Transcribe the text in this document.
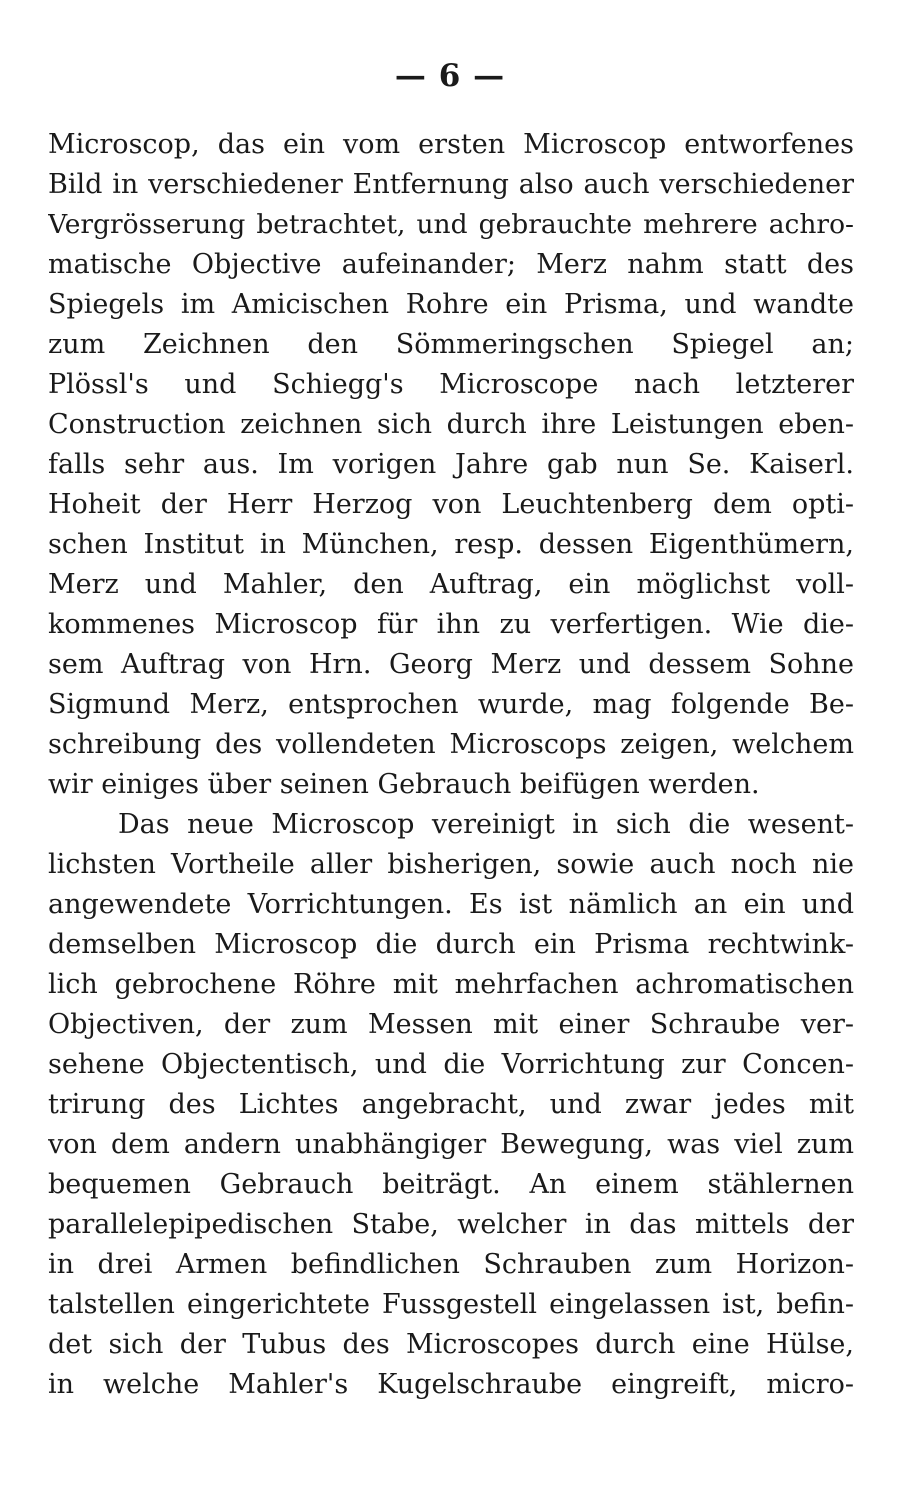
— 6 —
Microscop, das ein vom ersten Microscop entworfenes
Bild in verschiedener Entfernung also auch verschiedener
Vergrösserung betrachtet, und gebrauchte mehrere achro-
matische Objective aufeinander; Merz nahm statt des
Spiegels im Amicischen Rohre ein Prisma, und wandte
zum Zeichnen den Sömmeringschen Spiegel an;
Plössl's und Schiegg's Microscope nach letzterer
Construction zeichnen sich durch ihre Leistungen eben-
falls sehr aus. Im vorigen Jahre gab nun Se. Kaiserl.
Hoheit der Herr Herzog von Leuchtenberg dem opti-
schen Institut in München, resp. dessen Eigenthümern,
Merz und Mahler, den Auftrag, ein möglichst voll-
kommenes Microscop für ihn zu verfertigen. Wie die-
sem Auftrag von Hrn. Georg Merz und dessem Sohne
Sigmund Merz, entsprochen wurde, mag folgende Be-
schreibung des vollendeten Microscops zeigen, welchem
wir einiges über seinen Gebrauch beifügen werden.
Das neue Microscop vereinigt in sich die wesent-
lichsten Vortheile aller bisherigen, sowie auch noch nie
angewendete Vorrichtungen. Es ist nämlich an ein und
demselben Microscop die durch ein Prisma rechtwink-
lich gebrochene Röhre mit mehrfachen achromatischen
Objectiven, der zum Messen mit einer Schraube ver-
sehene Objectentisch, und die Vorrichtung zur Concen-
trirung des Lichtes angebracht, und zwar jedes mit
von dem andern unabhängiger Bewegung, was viel zum
bequemen Gebrauch beiträgt. An einem stählernen
parallelepipedischen Stabe, welcher in das mittels der
in drei Armen befindlichen Schrauben zum Horizon-
talstellen eingerichtete Fussgestell eingelassen ist, befin-
det sich der Tubus des Microscopes durch eine Hülse,
in welche Mahler's Kugelschraube eingreift, micro-
